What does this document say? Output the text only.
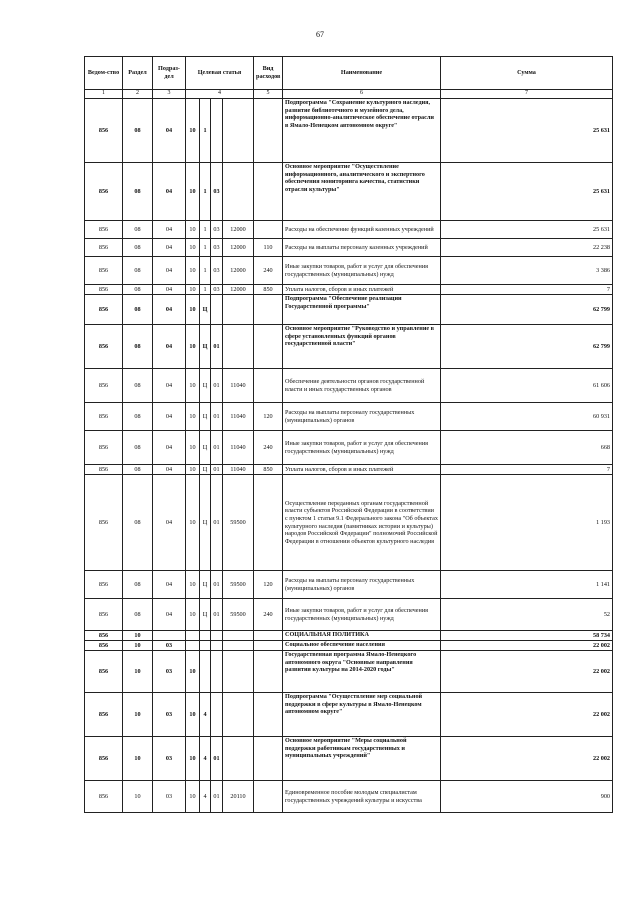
67
Ведом-ство	Раздел	Подраз-дел	Целевая статья				Вид расходов	Наименование	Сумма
1	2	3	4				5	6	7
856	08	04	10	1				Подпрограмма "Сохранение культурного наследия, развитие библиотечного и музейного дела, информационно-аналитическое обеспечение отрасли в Ямало-Ненецком автономном округе"	25 631
856	08	04	10	1	03			Основное мероприятие "Осуществление информационного, аналитического и экспертного обеспечения мониторинга качества, статистики отрасли культуры"	25 631
856	08	04	10	1	03	12000		Расходы на обеспечение функций казенных учреждений	25 631
856	08	04	10	1	03	12000	110	Расходы на выплаты персоналу казенных учреждений	22 238
856	08	04	10	1	03	12000	240	Иные закупки товаров, работ и услуг для обеспечения государственных (муниципальных) нужд	3 386
856	08	04	10	1	03	12000	850	Уплата налогов, сборов и иных платежей	7
856	08	04	10	Ц				Подпрограмма "Обеспечение реализации Государственной программы"	62 799
856	08	04	10	Ц	01			Основное мероприятие "Руководство и управление в сфере установленных функций органов государственной власти"	62 799
856	08	04	10	Ц	01	11040		Обеспечение деятельности органов государственной власти и иных государственных органов	61 606
856	08	04	10	Ц	01	11040	120	Расходы на выплаты персоналу государственных (муниципальных) органов	60 931
856	08	04	10	Ц	01	11040	240	Иные закупки товаров, работ и услуг для обеспечения государственных (муниципальных) нужд	668
856	08	04	10	Ц	01	11040	850	Уплата налогов, сборов и иных платежей	7
856	08	04	10	Ц	01	59500		Осуществление переданных органам государственной власти субъектов Российской Федерации в соответствии с пунктом 1 статьи 9.1 Федерального закона "Об объектах культурного наследия (памятниках истории и культуры) народов Российской Федерации" полномочий Российской Федерации в отношении объектов культурного наследия	1 193
856	08	04	10	Ц	01	59500	120	Расходы на выплаты персоналу государственных (муниципальных) органов	1 141
856	08	04	10	Ц	01	59500	240	Иные закупки товаров, работ и услуг для обеспечения государственных (муниципальных) нужд	52
856	10							СОЦИАЛЬНАЯ ПОЛИТИКА	58 734
856	10	03						Социальное обеспечение населения	22 002
856	10	03	10					Государственная программа Ямало-Ненецкого автономного округа "Основные направления развития культуры на 2014-2020 годы"	22 002
856	10	03	10	4				Подпрограмма "Осуществление мер социальной поддержки в сфере культуры в Ямало-Ненецком автономном округе"	22 002
856	10	03	10	4	01			Основное мероприятие "Меры социальной поддержки работникам государственных и муниципальных учреждений"	22 002
856	10	03	10	4	01	20110		Единовременное пособие молодым специалистам государственных учреждений культуры и искусства	900
